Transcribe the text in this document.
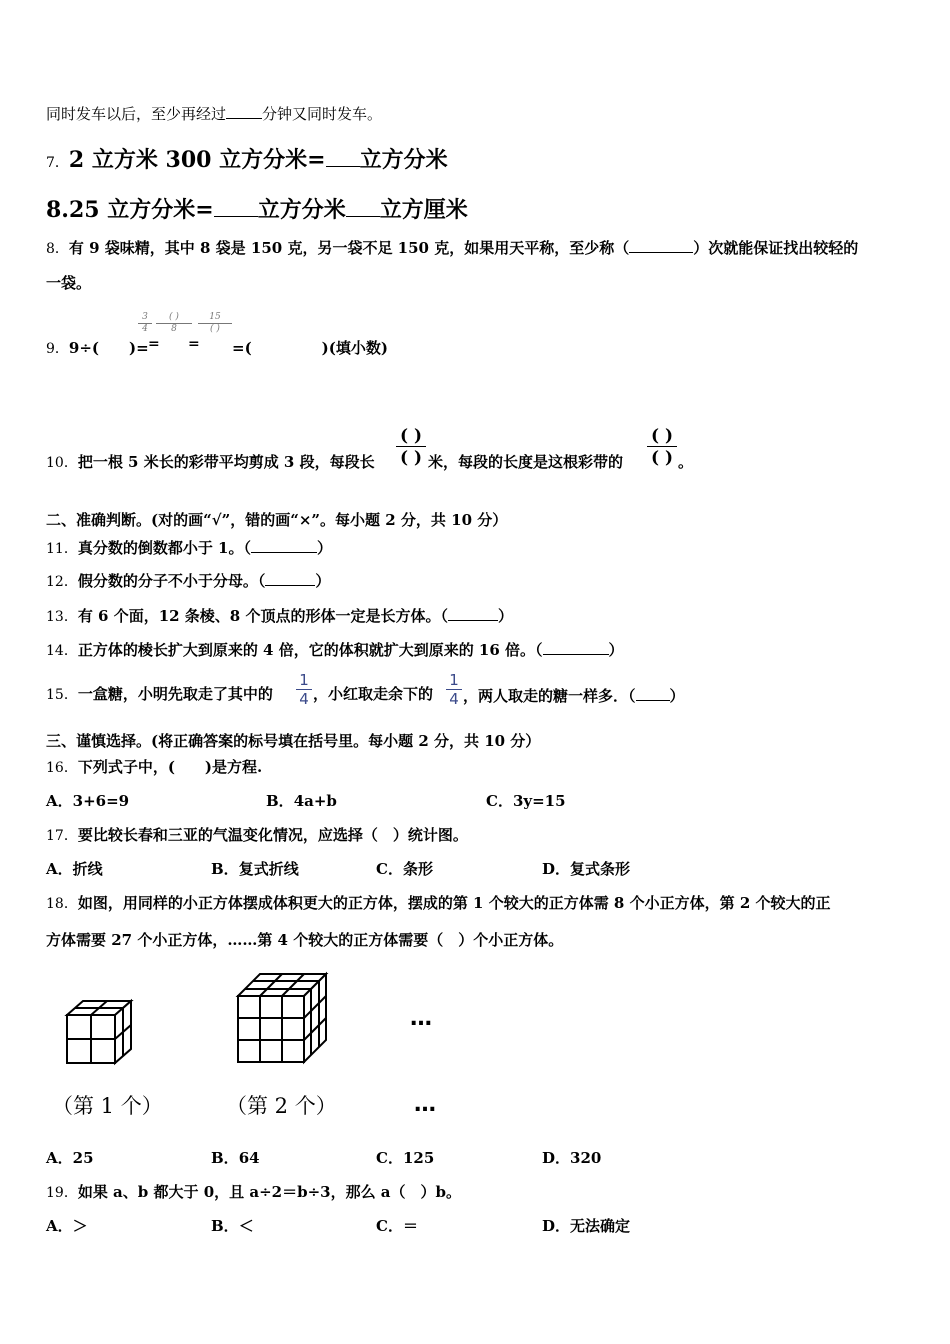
同时发车以后，至少再经过 分钟又同时发车。
7．2 立方米 300 立方分米= 立方分米
8.25 立方分米= 立方分米 立方厘米
8．有 9 袋味精，其中 8 袋是 150 克，另一袋不足 150 克，如果用天平称，至少称（	）次就能保证找出较轻的
一袋。
9．9÷( )=
$\frac{3}{4}$
=
( )
8
=
15
( )
=(	)(填小数)
10．把一根 5 米长的彩带平均剪成 3 段，每段长
( )
( ) 米，每段的长度是这根彩带的
( )
( ) 。
二、准确判断。(对的画“√”，错的画“×”。每小题 2 分，共 10 分）
11．真分数的倒数都小于 1。（	）
12．假分数的分子不小于分母。（	）
13．有 6 个面，12 条棱、8 个顶点的形体一定是长方体。（	）
14．正方体的棱长扩大到原来的 4 倍，它的体积就扩大到原来的 16 倍。（	）
15．一盒糖，小明先取走了其中的 $\frac{1}{4}$ ，小红取走余下的 $\frac{1}{4}$ ，两人取走的糖一样多．（ ）
三、谨慎选择。(将正确答案的标号填在括号里。每小题 2 分，共 10 分）
16．下列式子中，(　　)是方程.
A．3+6=9	B．4a+b	C．3y=15
17．要比较长春和三亚的气温变化情况，应选择（　）统计图。
A．折线	B．复式折线	C．条形	D．复式条形
18．如图，用同样的小正方体摆成体积更大的正方体，摆成的第 1 个较大的正方体需 8 个小正方体，第 2 个较大的正
方体需要 27 个小正方体，……第 4 个较大的正方体需要（　）个小正方体。
…
（第 1 个）	（第 2 个）	…
A．25	B．64	C．125	D．320
19．如果 a、b 都大于 0，且 a÷2＝b÷3，那么 a（　）b。
A．＞	B．＜	C．＝	D．无法确定
